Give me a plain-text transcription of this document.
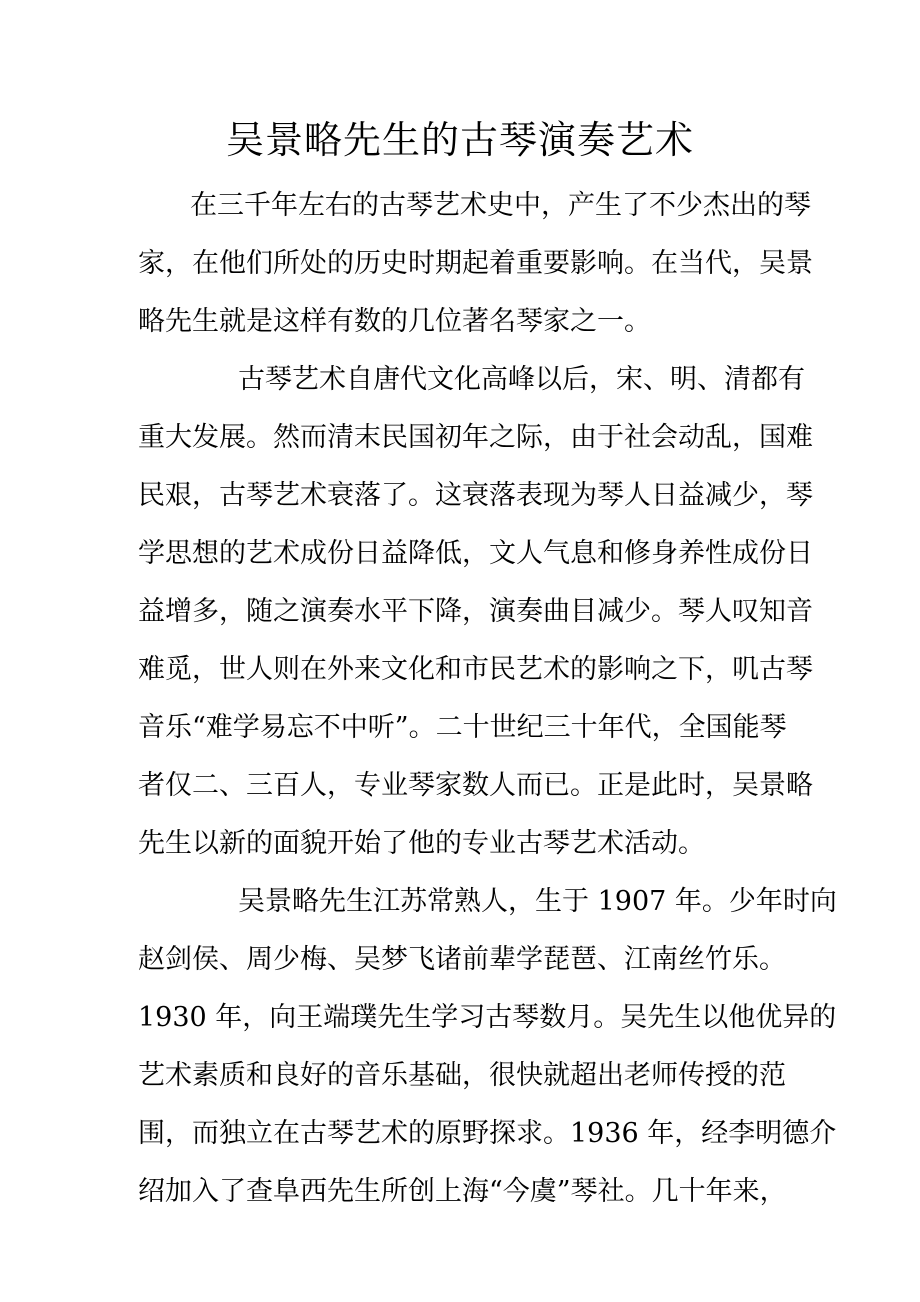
吴景略先生的古琴演奏艺术

在三千年左右的古琴艺术史中，产生了不少杰出的琴

家，在他们所处的历史时期起着重要影响。在当代，吴景

略先生就是这样有数的几位著名琴家之一。

古琴艺术自唐代文化高峰以后，宋、明、清都有

重大发展。然而清末民国初年之际，由于社会动乱，国难

民艰，古琴艺术衰落了。这衰落表现为琴人日益减少，琴

学思想的艺术成份日益降低，文人气息和修身养性成份日

益增多，随之演奏水平下降，演奏曲目减少。琴人叹知音

难觅，世人则在外来文化和市民艺术的影响之下，叽古琴

音乐“难学易忘不中听”。二十世纪三十年代，全国能琴

者仅二、三百人，专业琴家数人而已。正是此时，吴景略

先生以新的面貌开始了他的专业古琴艺术活动。

吴景略先生江苏常熟人，生于 1907 年。少年时向

赵剑侯、周少梅、吴梦飞诸前辈学琵琶、江南丝竹乐。

1930 年，向王端璞先生学习古琴数月。吴先生以他优异的

艺术素质和良好的音乐基础，很快就超出老师传授的范

围，而独立在古琴艺术的原野探求。1936 年，经李明德介

绍加入了查阜西先生所创上海“今虞”琴社。几十年来，
